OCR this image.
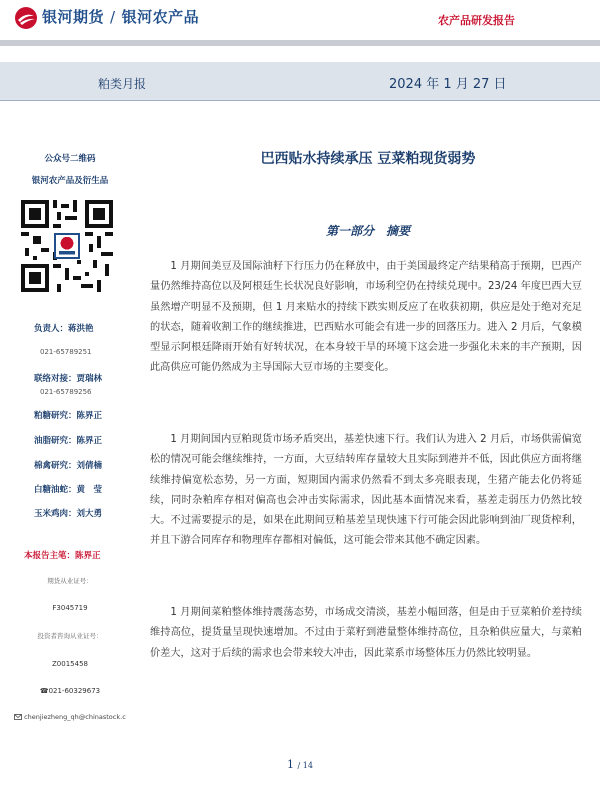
银河期货 / 银河农产品	农产品研发报告
粕类月报	2024 年 1 月 27 日
公众号二维码
银河农产品及衍生品
负责人：蒋洪艳
021-65789251
联络对接：贾瑞林
021-65789256
粕糖研究：陈界正
油脂研究：陈界正
棉禽研究：刘倩楠
白糖油蛇：黄　莹
玉米鸡肉：刘大勇
本报告主笔：陈界正
期货从业证号：
F3045719
投资者咨询从业证号：
Z0015458
☎021-60329673
chenjiezheng_qh@chinastock.c
巴西贴水持续承压 豆菜粕现货弱势
第一部分　摘要

1 月期间美豆及国际油籽下行压力仍在释放中，由于美国最终定产结果稍高于预期，巴西产量仍然维持高位以及阿根廷生长状况良好影响，市场利空仍在持续兑现中。23/24 年度巴西大豆虽然增产明显不及预期，但 1 月来贴水的持续下跌实则反应了在收获初期，供应是处于绝对充足的状态，随着收割工作的继续推进，巴西贴水可能会有进一步的回落压力。进入 2 月后，气象模型显示阿根廷降雨开始有好转状况，在本身较干旱的环境下这会进一步强化未来的丰产预期，因此高供应可能仍然成为主导国际大豆市场的主要变化。

1 月期间国内豆粕现货市场矛盾突出，基差快速下行。我们认为进入 2 月后，市场供需偏宽松的情况可能会继续维持，一方面，大豆结转库存量较大且实际到港并不低，因此供应方面将继续维持偏宽松态势，另一方面，短期国内需求仍然看不到太多亮眼表现，生猪产能去化仍将延续，同时杂粕库存相对偏高也会冲击实际需求，因此基本面情况来看，基差走弱压力仍然比较大。不过需要提示的是，如果在此期间豆粕基差呈现快速下行可能会因此影响到油厂现货榨利，并且下游合同库存和物理库存都相对偏低，这可能会带来其他不确定因素。

1 月期间菜粕整体维持震荡态势，市场成交清淡，基差小幅回落，但是由于豆菜粕价差持续维持高位，提货量呈现快速增加。不过由于菜籽到港量整体维持高位，且杂粕供应量大，与菜粕价差大，这对于后续的需求也会带来较大冲击，因此菜系市场整体压力仍然比较明显。

1 / 14
